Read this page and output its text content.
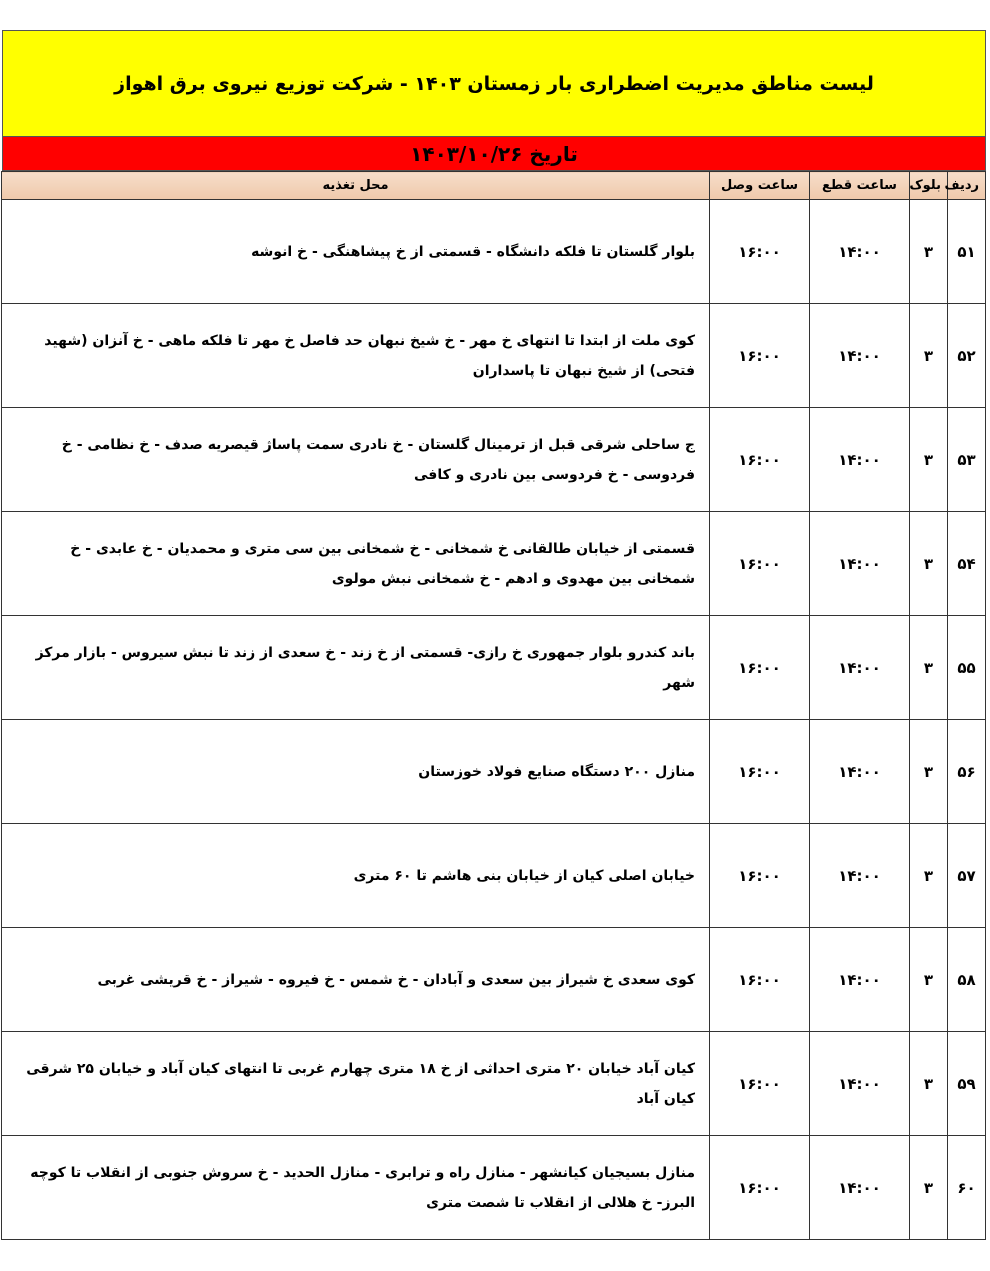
لیست مناطق مدیریت اضطراری بار زمستان ۱۴۰۳ - شرکت توزیع نیروی برق اهواز
تاریخ ۱۴۰۳/۱۰/۲۶
ردیف	بلوک	ساعت قطع	ساعت وصل	محل تغذیه
۵۱	۳	۱۴:۰۰	۱۶:۰۰	بلوار گلستان تا فلکه دانشگاه - قسمتی از خ پیشاهنگی - خ انوشه
۵۲	۳	۱۴:۰۰	۱۶:۰۰	کوی ملت از ابتدا تا انتهای خ مهر - خ شیخ نبهان حد فاصل خ مهر تا فلکه ماهی - خ آنزان (شهید فتحی) از شیخ نبهان تا پاسداران
۵۳	۳	۱۴:۰۰	۱۶:۰۰	ج ساحلی شرقی قبل از ترمینال گلستان - خ نادری سمت پاساژ قیصریه صدف - خ نظامی - خ فردوسی - خ فردوسی بین نادری و کافی
۵۴	۳	۱۴:۰۰	۱۶:۰۰	قسمتی از خیابان طالقانی خ شمخانی - خ شمخانی بین سی متری و محمدیان - خ عابدی - خ شمخانی بین مهدوی و ادهم - خ شمخانی نبش مولوی
۵۵	۳	۱۴:۰۰	۱۶:۰۰	باند کندرو بلوار جمهوری خ رازی- قسمتی از خ زند - خ سعدی از زند تا نبش سیروس - بازار مرکز شهر
۵۶	۳	۱۴:۰۰	۱۶:۰۰	منازل ۲۰۰ دستگاه صنایع فولاد خوزستان
۵۷	۳	۱۴:۰۰	۱۶:۰۰	خیابان اصلی کیان از خیابان بنی هاشم تا ۶۰ متری
۵۸	۳	۱۴:۰۰	۱۶:۰۰	کوی سعدی خ شیراز بین سعدی و آبادان - خ شمس - خ فیروه - شیراز - خ قریشی غربی
۵۹	۳	۱۴:۰۰	۱۶:۰۰	کیان آباد خیابان ۲۰ متری احداثی از خ ۱۸ متری چهارم غربی تا انتهای کیان آباد و خیابان ۲۵ شرقی کیان آباد
۶۰	۳	۱۴:۰۰	۱۶:۰۰	منازل بسیجیان کیانشهر - منازل راه و ترابری - منازل الحدید - خ سروش جنوبی از انقلاب تا کوچه البرز- خ هلالی از انقلاب تا شصت متری
